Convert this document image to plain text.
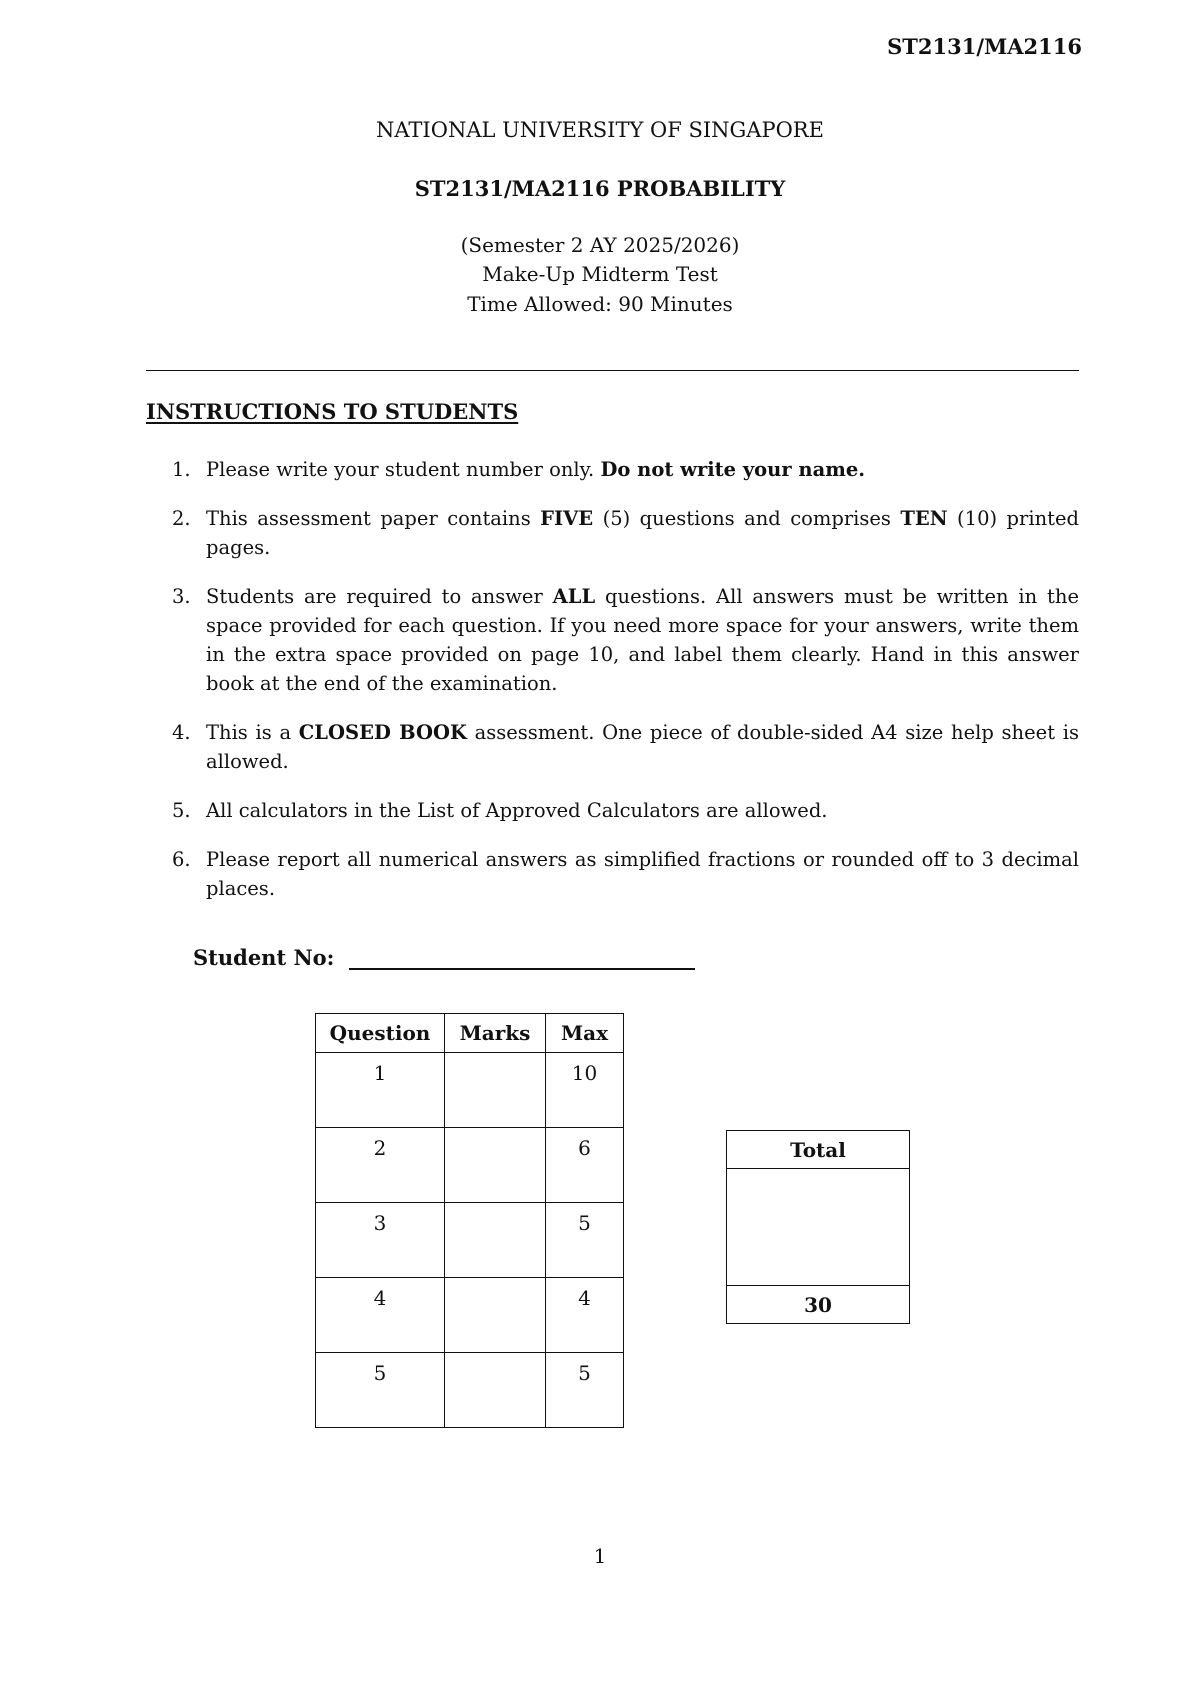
ST2131/MA2116
NATIONAL UNIVERSITY OF SINGAPORE
ST2131/MA2116 PROBABILITY
(Semester 2 AY 2025/2026)
Make-Up Midterm Test
Time Allowed: 90 Minutes
INSTRUCTIONS TO STUDENTS
1. Please write your student number only. Do not write your name.
2. This assessment paper contains FIVE (5) questions and comprises TEN (10) printed pages.
3. Students are required to answer ALL questions. All answers must be written in the space provided for each question. If you need more space for your answers, write them in the extra space provided on page 10, and label them clearly. Hand in this answer book at the end of the examination.
4. This is a CLOSED BOOK assessment. One piece of double-sided A4 size help sheet is allowed.
5. All calculators in the List of Approved Calculators are allowed.
6. Please report all numerical answers as simplified fractions or rounded off to 3 decimal places.
Student No:
Question	Marks	Max
1		10
2		6
3		5
4		4
5		5
Total

30
1
